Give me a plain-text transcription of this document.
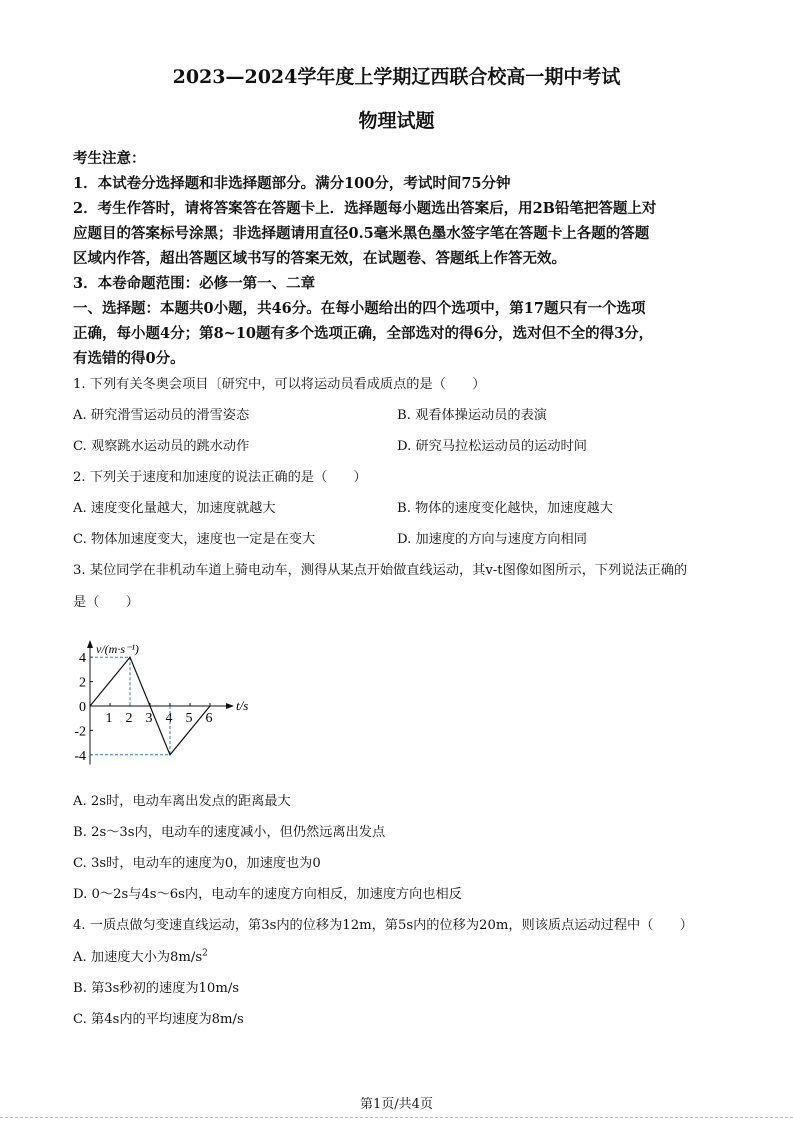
2023—2024学年度上学期辽西联合校高一期中考试
物理试题
考生注意：
1．本试卷分选择题和非选择题部分。满分100分，考试时间75分钟
2．考生作答时，请将答案答在答题卡上．选择题每小题选出答案后，用2B铅笔把答题上对
应题目的答案标号涂黑；非选择题请用直径0.5毫米黑色墨水签字笔在答题卡上各题的答题
区域内作答，超出答题区域书写的答案无效，在试题卷、答题纸上作答无效。
3．本卷命题范围：必修一第一、二章
一、选择题：本题共0小题，共46分。在每小题给出的四个选项中，第17题只有一个选项
正确，每小题4分；第8~10题有多个选项正确，全部选对的得6分，选对但不全的得3分，
有选错的得0分。
1. 下列有关冬奥会项目〔研究中，可以将运动员看成质点的是（　　）
A. 研究滑雪运动员的滑雪姿态	B. 观看体操运动员的表演
C. 观察跳水运动员的跳水动作	D. 研究马拉松运动员的运动时间
2. 下列关于速度和加速度的说法正确的是（　　）
A. 速度变化量越大，加速度就越大	B. 物体的速度变化越快，加速度越大
C. 物体加速度变大，速度也一定是在变大	D. 加速度的方向与速度方向相同
3. 某位同学在非机动车道上骑电动车，测得从某点开始做直线运动，其v-t图像如图所示，下列说法正确的
是（　　）
v/(m·s⁻¹)
t/s
4
2
0
-2
-4
1 2 3 4 5 6
A. 2s时，电动车离出发点的距离最大
B. 2s～3s内，电动车的速度减小，但仍然远离出发点
C. 3s时，电动车的速度为0，加速度也为0
D. 0～2s与4s～6s内，电动车的速度方向相反，加速度方向也相反
4. 一质点做匀变速直线运动，第3s内的位移为12m，第5s内的位移为20m，则该质点运动过程中（　　）
A. 加速度大小为$8m/s^2$
B. 第3s秒初的速度为10m/s
C. 第4s内的平均速度为8m/s
第1页/共4页
